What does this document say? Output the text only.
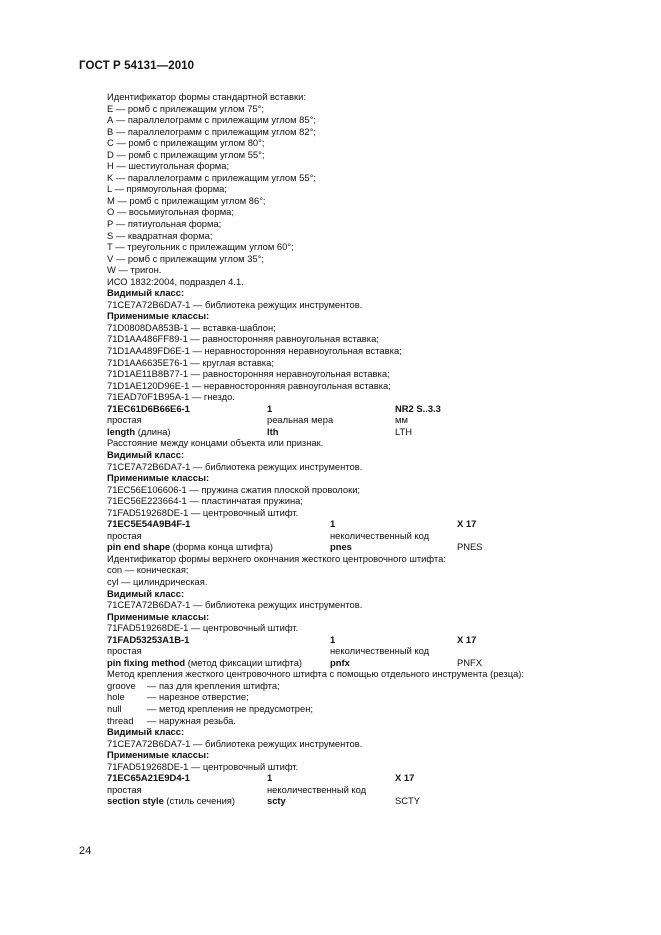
ГОСТ Р 54131—2010
Идентификатор формы стандартной вставки:
Е — ромб с прилежащим углом 75°;
А — параллелограмм с прилежащим углом 85°;
В — параллелограмм с прилежащим углом 82°;
С — ромб с прилежащим углом 80°;
D — ромб с прилежащим углом 55°;
Н — шестиугольная форма;
K — параллелограмм с прилежащим углом 55°;
L — прямоугольная форма;
М — ромб с прилежащим углом 86°;
О — восьмиугольная форма;
Р — пятиугольная форма;
S — квадратная форма;
Т — треугольник с прилежащим углом 60°;
V — ромб с прилежащим углом 35°;
W — тригон.
ИСО 1832:2004, подраздел 4.1.
Видимый класс:
71CE7A72B6DA7-1 — библиотека режущих инструментов.
Применимые классы:
71D0808DA853B-1 — вставка-шаблон;
71D1AA486FF89-1 — равносторонняя равноугольная вставка;
71D1AA489FD6E-1 — неравносторонняя неравноугольная вставка;
71D1AA6635E76-1 — круглая вставка;
71D1AE11B8B77-1 — равносторонняя неравноугольная вставка;
71D1AE120D96E-1 — неравносторонняя равноугольная вставка;
71EAD70F1B95A-1 — гнездо.
71EC61D6B66E6-1	1	NR2 S..3.3
простая	реальная мера	мм
length (длина)	lth	LTH
Расстояние между концами объекта или признак.
Видимый класс:
71CE7A72B6DA7-1 — библиотека режущих инструментов.
Применимые классы:
71EC56E106606-1 — пружина сжатия плоской проволоки;
71EC56E223664-1 — пластинчатая пружина;
71FAD519268DE-1 — центровочный штифт.
71EC5E54A9B4F-1	1	X 17
простая	неколичественный код
pin end shape (форма конца штифта)	pnes	PNES
Идентификатор формы верхнего окончания жесткого центровочного штифта:
con — коническая;
cyl — цилиндрическая.
Видимый класс:
71CE7A72B6DA7-1 — библиотека режущих инструментов.
Применимые классы:
71FAD519268DE-1 — центровочный штифт.
71FAD53253A1B-1	1	X 17
простая	неколичественный код
pin fixing method (метод фиксации штифта)	pnfx	PNFX
Метод крепления жесткого центровочного штифта с помощью отдельного инструмента (резца):
groove — паз для крепления штифта;
hole — нарезное отверстие;
null	— метод крепления не предусмотрен;
thread — наружная резьба.
Видимый класс:
71CE7A72B6DA7-1 — библиотека режущих инструментов.
Применимые классы:
71FAD519268DE-1 — центровочный штифт.
71EC65A21E9D4-1	1	X 17
простая	неколичественный код
section style (стиль сечения)	scty	SCTY
24
